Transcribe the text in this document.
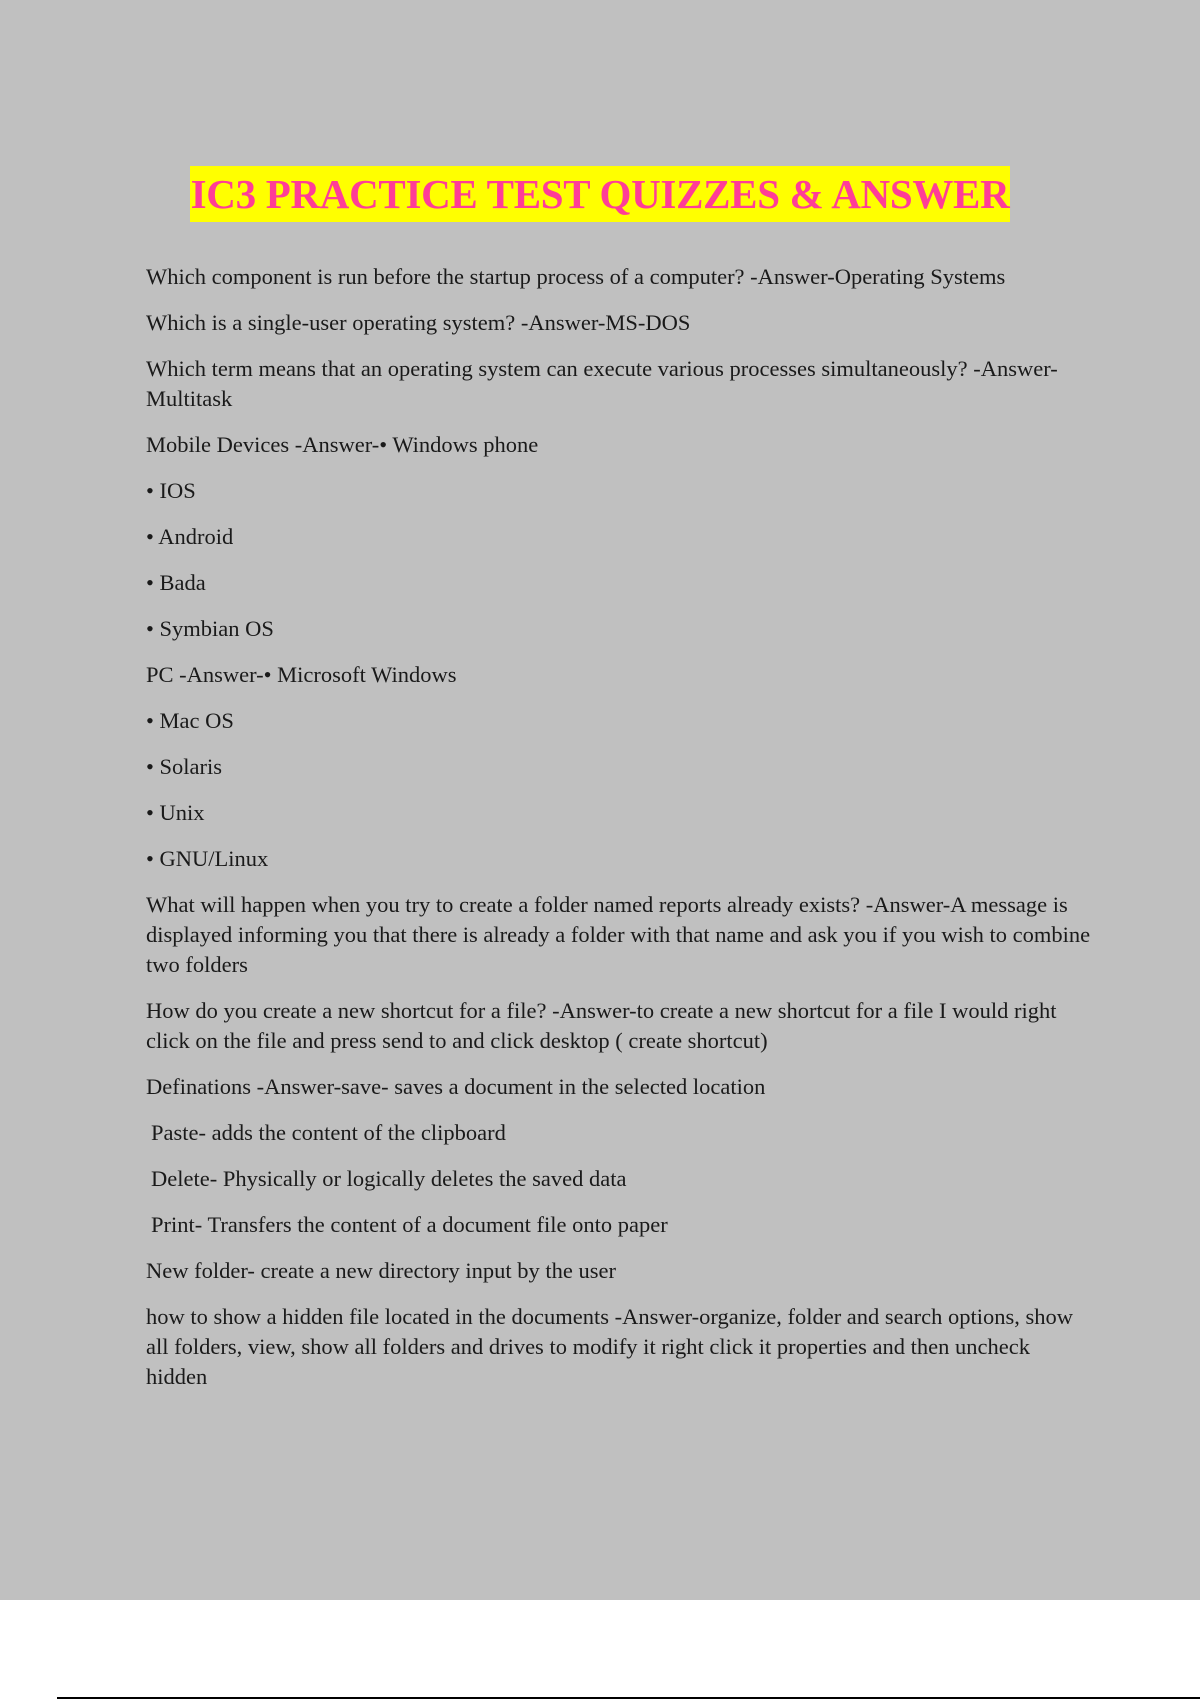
IC3 PRACTICE TEST QUIZZES & ANSWER

Which component is run before the startup process of a computer? -Answer-Operating Systems

Which is a single-user operating system? -Answer-MS-DOS

Which term means that an operating system can execute various processes simultaneously? -Answer-Multitask

Mobile Devices -Answer-• Windows phone

• IOS

• Android

• Bada

• Symbian OS

PC -Answer-• Microsoft Windows

• Mac OS

• Solaris

• Unix

• GNU/Linux

What will happen when you try to create a folder named reports already exists? -Answer-A message is displayed informing you that there is already a folder with that name and ask you if you wish to combine two folders

How do you create a new shortcut for a file? -Answer-to create a new shortcut for a file I would right click on the file and press send to and click desktop ( create shortcut)

Definations -Answer-save- saves a document in the selected location

Paste- adds the content of the clipboard

Delete- Physically or logically deletes the saved data

Print- Transfers the content of a document file onto paper

New folder- create a new directory input by the user

how to show a hidden file located in the documents -Answer-organize, folder and search options, show all folders, view, show all folders and drives to modify it right click it properties and then uncheck hidden
